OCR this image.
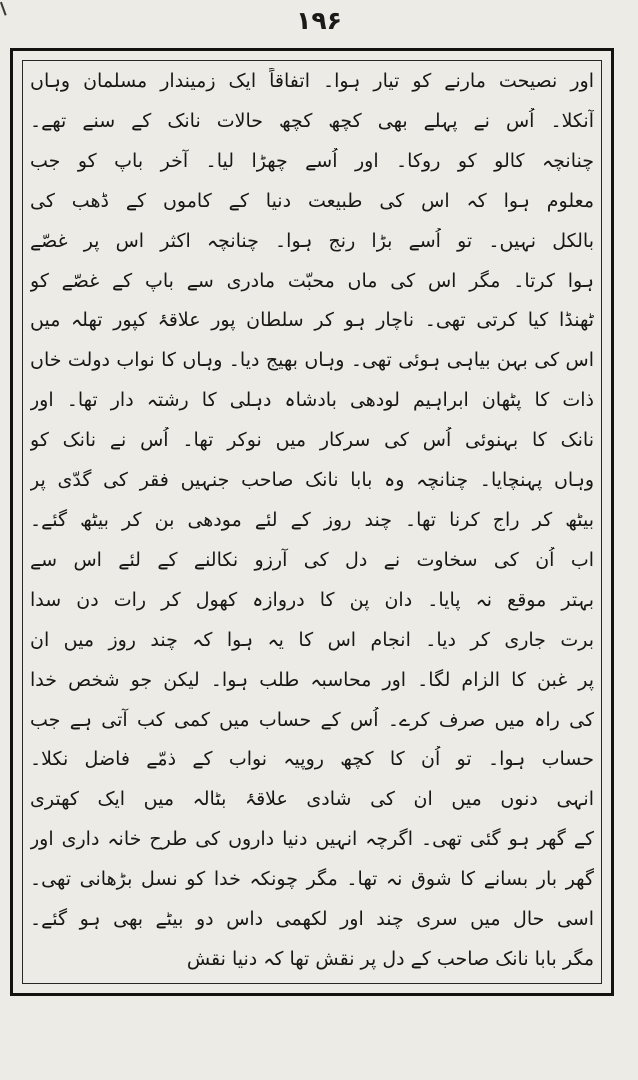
۱۹۶
اور نصیحت مارنے کو تیار ہوا۔ اتفاقاً ایک زمیندار مسلمان وہاں
آنکلا۔ اُس نے پہلے بھی کچھ کچھ حالات نانک کے سنے تھے۔
چنانچہ کالو کو روکا۔ اور اُسے چھڑا لیا۔ آخر باپ کو جب
معلوم ہوا کہ اس کی طبیعت دنیا کے کاموں کے ڈھب کی
بالکل نہیں۔ تو اُسے بڑا رنج ہوا۔ چنانچہ اکثر اس پر غصّے
ہوا کرتا۔ مگر اس کی ماں محبّت مادری سے باپ کے غصّے کو
ٹھنڈا کیا کرتی تھی۔ ناچار ہو کر سلطان پور علاقۂ کپور تھلہ میں
اس کی بہن بیاہی ہوئی تھی۔ وہاں بھیج دیا۔ وہاں کا نواب دولت خاں
ذات کا پٹھان ابراہیم لودھی بادشاہ دہلی کا رشتہ دار تھا۔ اور
نانک کا بہنوئی اُس کی سرکار میں نوکر تھا۔ اُس نے نانک کو
وہاں پہنچایا۔ چنانچہ وہ بابا نانک صاحب جنہیں فقر کی گدّی پر
بیٹھ کر راج کرنا تھا۔ چند روز کے لئے مودھی بن کر بیٹھ گئے۔
اب اُن کی سخاوت نے دل کی آرزو نکالنے کے لئے اس سے
بہتر موقع نہ پایا۔ دان پن کا دروازہ کھول کر رات دن سدا
برت جاری کر دیا۔ انجام اس کا یہ ہوا کہ چند روز میں ان
پر غبن کا الزام لگا۔ اور محاسبہ طلب ہوا۔ لیکن جو شخص خدا
کی راہ میں صرف کرے۔ اُس کے حساب میں کمی کب آتی ہے جب
حساب ہوا۔ تو اُن کا کچھ روپیہ نواب کے ذمّے فاضل نکلا۔
انہی دنوں میں ان کی شادی علاقۂ بٹالہ میں ایک کھتری
کے گھر ہو گئی تھی۔ اگرچہ انہیں دنیا داروں کی طرح خانہ داری اور
گھر بار بسانے کا شوق نہ تھا۔ مگر چونکہ خدا کو نسل بڑھانی تھی۔
اسی حال میں سری چند اور لکھمی داس دو بیٹے بھی ہو گئے۔
مگر بابا نانک صاحب کے دل پر نقش تھا کہ دنیا نقش
